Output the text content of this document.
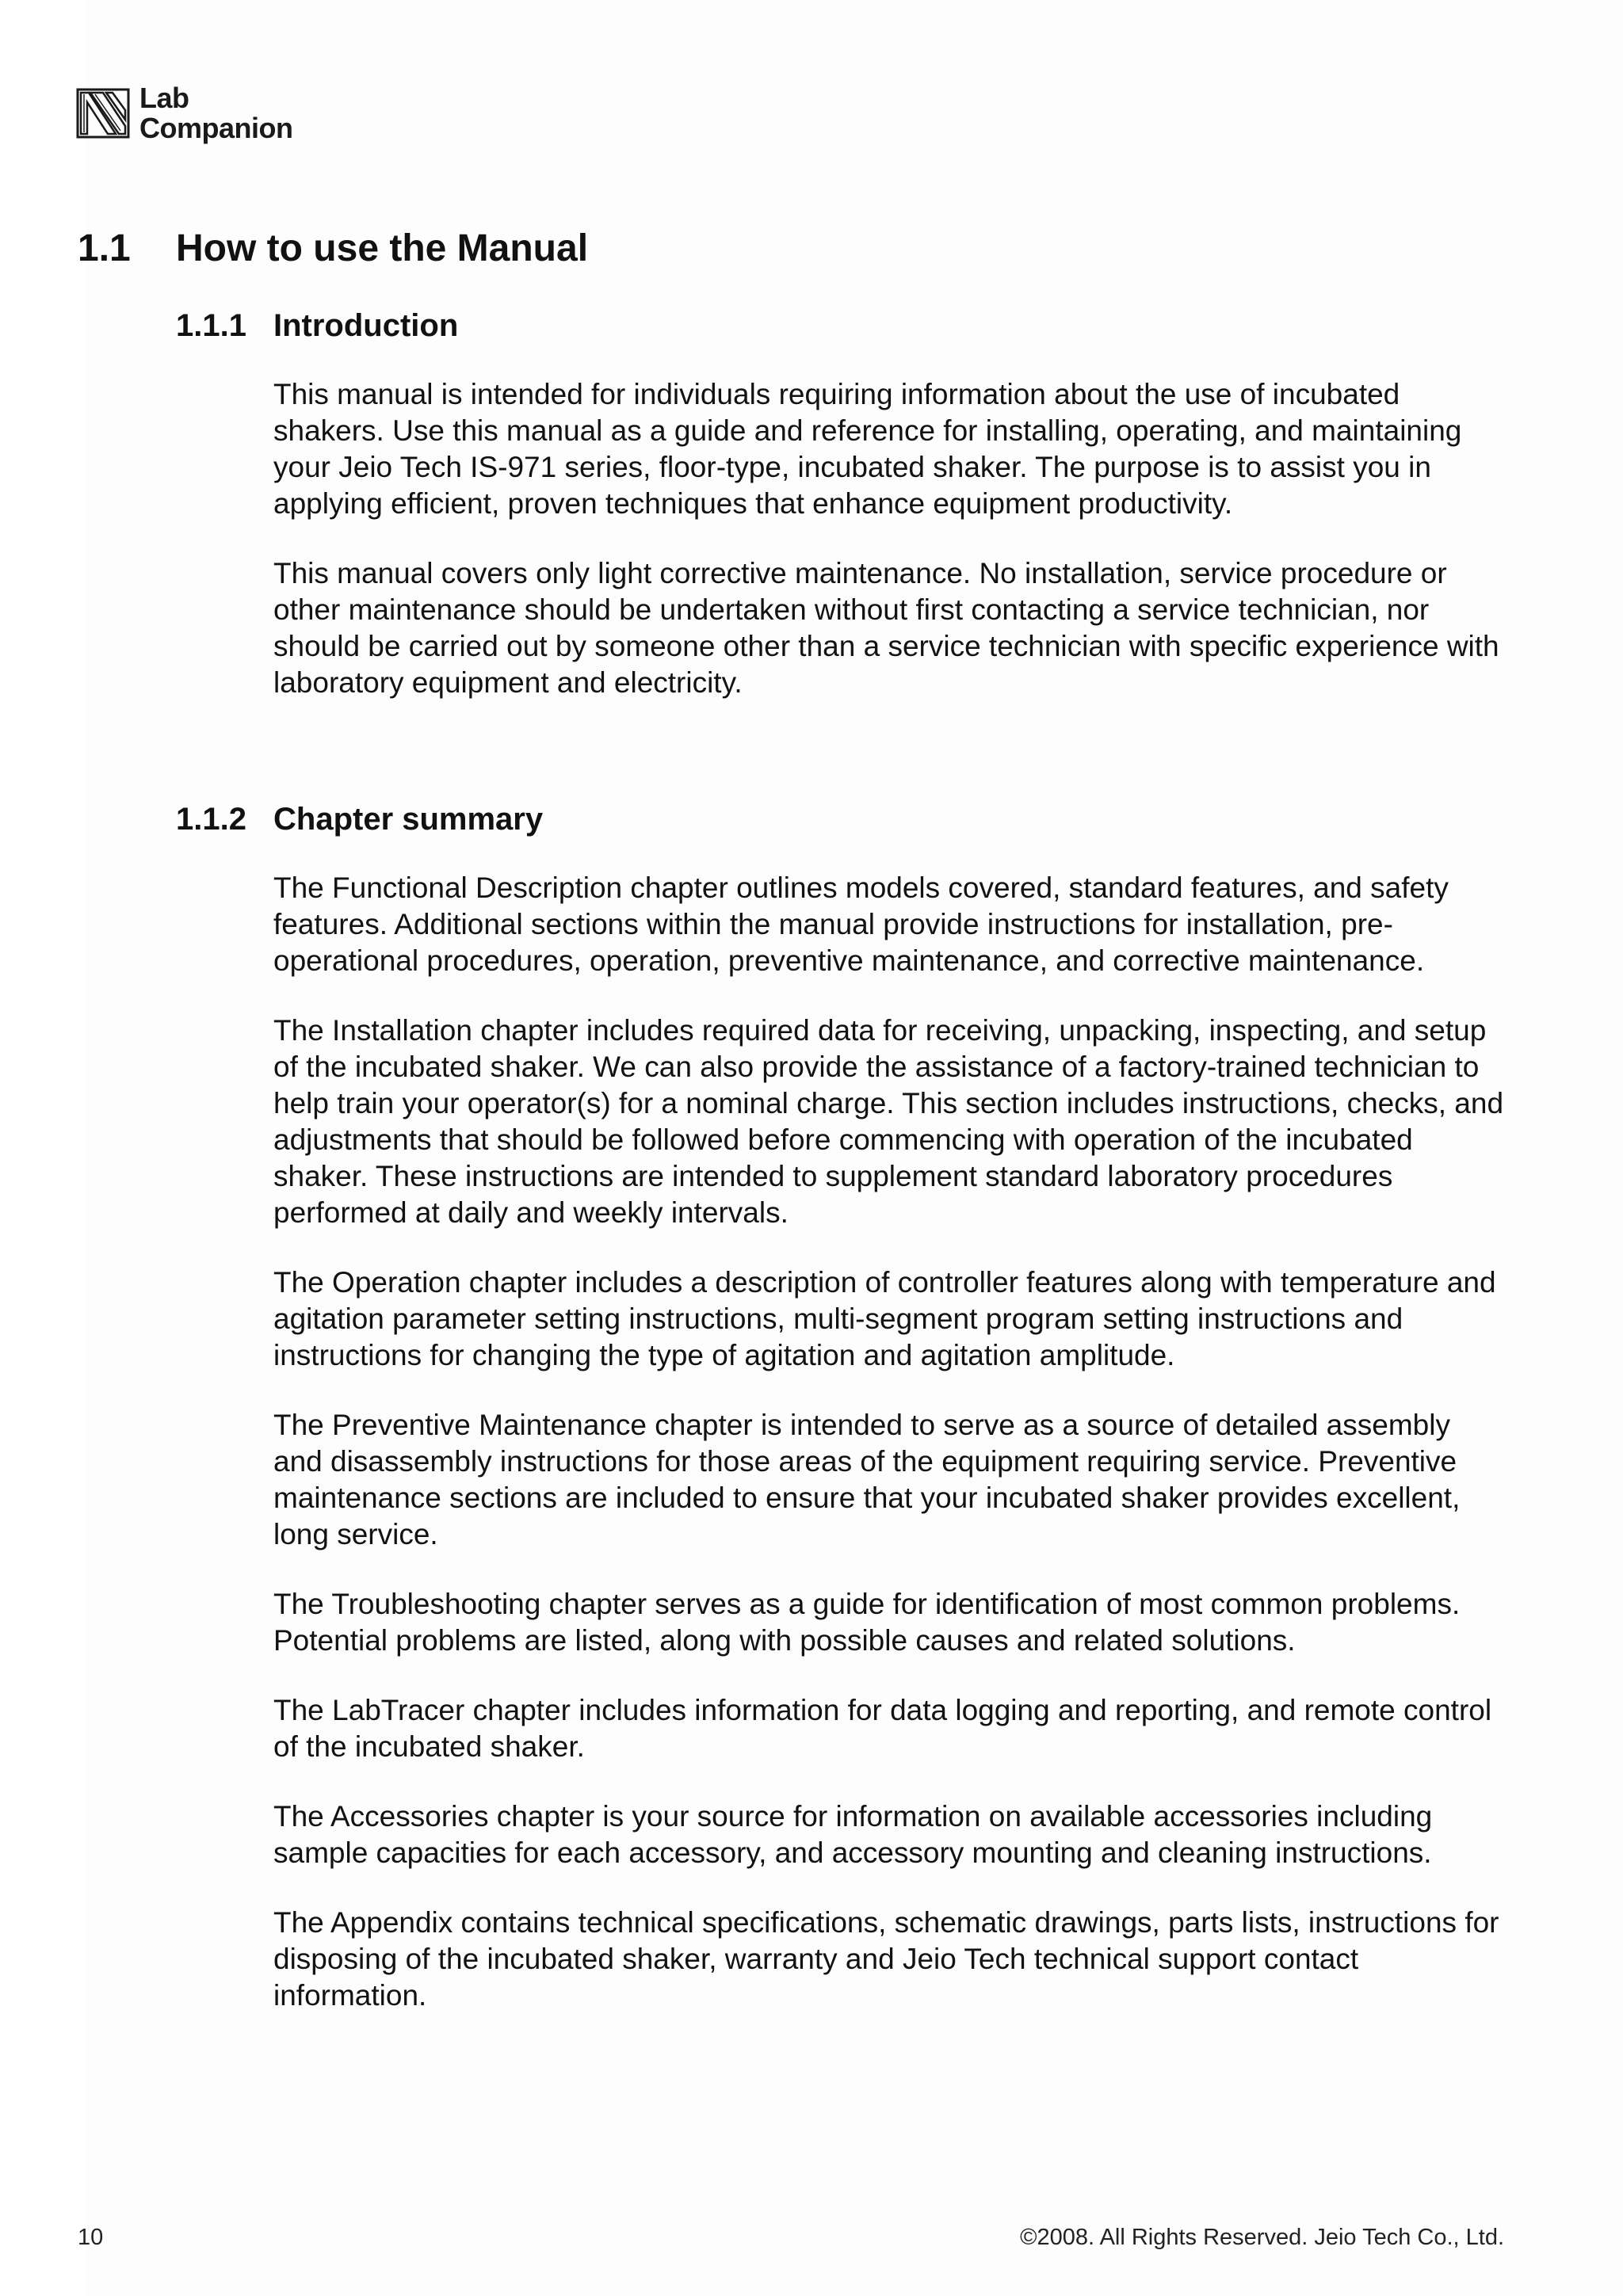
Lab
Companion
1.1 How to use the Manual
1.1.1 Introduction

This manual is intended for individuals requiring information about the use of incubated shakers. Use this manual as a guide and reference for installing, operating, and maintaining your Jeio Tech IS-971 series, floor-type, incubated shaker. The purpose is to assist you in applying efficient, proven techniques that enhance equipment productivity.

This manual covers only light corrective maintenance. No installation, service procedure or other maintenance should be undertaken without first contacting a service technician, nor should be carried out by someone other than a service technician with specific experience with laboratory equipment and electricity.

1.1.2 Chapter summary

The Functional Description chapter outlines models covered, standard features, and safety features. Additional sections within the manual provide instructions for installation, pre-operational procedures, operation, preventive maintenance, and corrective maintenance.

The Installation chapter includes required data for receiving, unpacking, inspecting, and setup of the incubated shaker. We can also provide the assistance of a factory-trained technician to help train your operator(s) for a nominal charge. This section includes instructions, checks, and adjustments that should be followed before commencing with operation of the incubated shaker. These instructions are intended to supplement standard laboratory procedures performed at daily and weekly intervals.

The Operation chapter includes a description of controller features along with temperature and agitation parameter setting instructions, multi-segment program setting instructions and instructions for changing the type of agitation and agitation amplitude.

The Preventive Maintenance chapter is intended to serve as a source of detailed assembly and disassembly instructions for those areas of the equipment requiring service. Preventive maintenance sections are included to ensure that your incubated shaker provides excellent, long service.

The Troubleshooting chapter serves as a guide for identification of most common problems. Potential problems are listed, along with possible causes and related solutions.

The LabTracer chapter includes information for data logging and reporting, and remote control of the incubated shaker.

The Accessories chapter is your source for information on available accessories including sample capacities for each accessory, and accessory mounting and cleaning instructions.

The Appendix contains technical specifications, schematic drawings, parts lists, instructions for disposing of the incubated shaker, warranty and Jeio Tech technical support contact information.

10	©2008. All Rights Reserved. Jeio Tech Co., Ltd.
